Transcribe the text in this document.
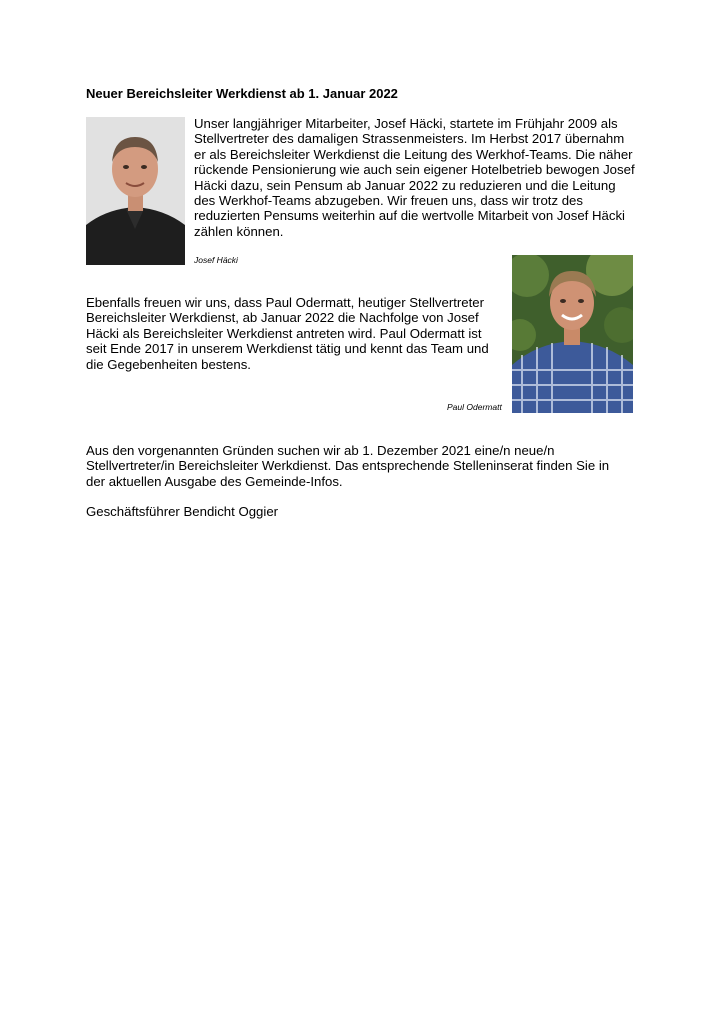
Neuer Bereichsleiter Werkdienst ab 1. Januar 2022
Unser langjähriger Mitarbeiter, Josef Häcki, startete im Frühjahr 2009 als Stellvertreter des damaligen Strassenmeisters. Im Herbst 2017 übernahm er als Bereichsleiter Werkdienst die Leitung des Werkhof-Teams. Die näher rückende Pensionierung wie auch sein eigener Hotelbetrieb bewogen Josef Häcki dazu, sein Pensum ab Januar 2022 zu reduzieren und die Leitung des Werkhof-Teams abzugeben. Wir freuen uns, dass wir trotz des reduzierten Pensums weiterhin auf die wertvolle Mitarbeit von Josef Häcki zählen können.
Josef Häcki
Ebenfalls freuen wir uns, dass Paul Odermatt, heutiger Stellvertreter Bereichsleiter Werkdienst, ab Januar 2022 die Nachfolge von Josef Häcki als Bereichsleiter Werkdienst antreten wird. Paul Odermatt ist seit Ende 2017 in unserem Werkdienst tätig und kennt das Team und die Gegebenheiten bestens.
Paul Odermatt
Aus den vorgenannten Gründen suchen wir ab 1. Dezember 2021 eine/n neue/n Stellvertreter/in Bereichsleiter Werkdienst. Das entsprechende Stelleninserat finden Sie in der aktuellen Ausgabe des Gemeinde-Infos.
Geschäftsführer Bendicht Oggier
